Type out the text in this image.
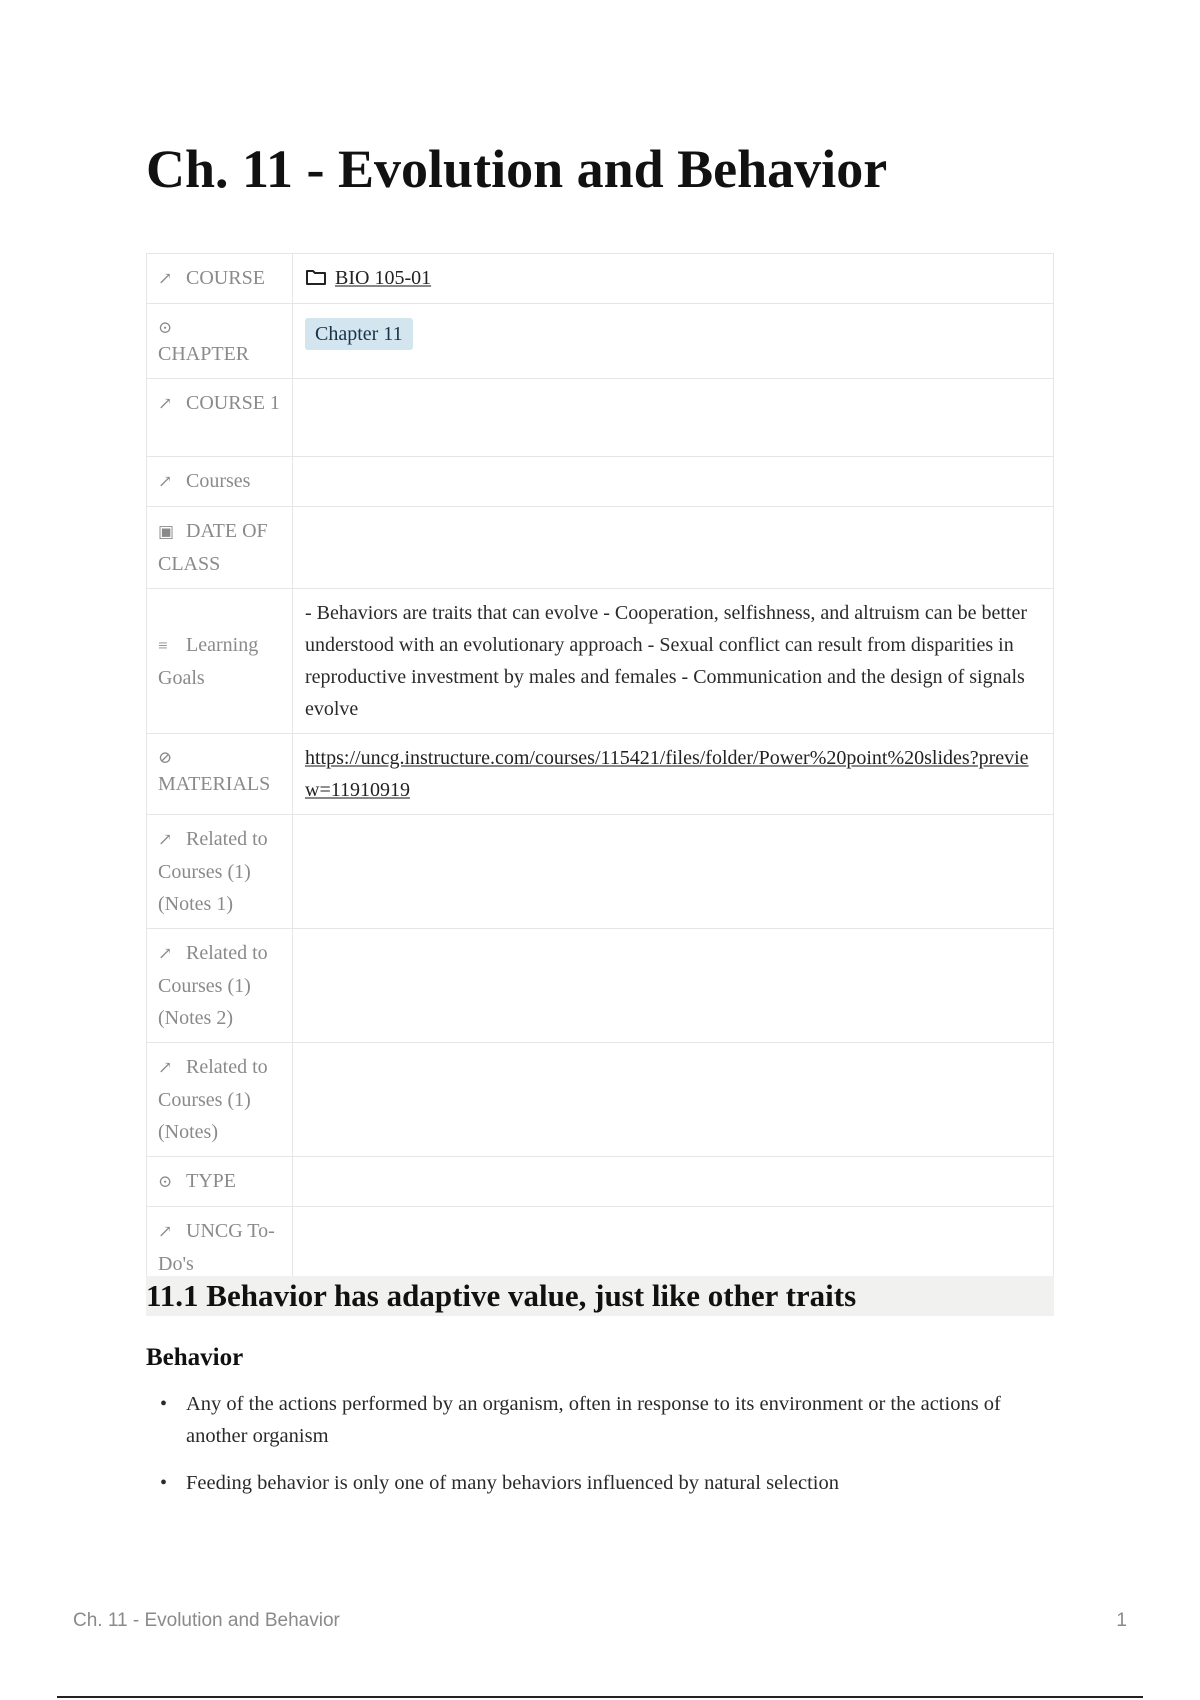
Ch. 11 - Evolution and Behavior
↗ COURSE	BIO 105-01

⊙
CHAPTER	Chapter 11
↗ COURSE 1	
↗ Courses	
▣ DATE OF CLASS	
≡ Learning Goals	- Behaviors are traits that can evolve - Cooperation, selfishness, and altruism can be better understood with an evolutionary approach - Sexual conflict can result from disparities in reproductive investment by males and females - Communication and the design of signals evolve

⊘
MATERIALS	https://uncg.instructure.com/courses/115421/files/folder/Power%20point%20slides?preview=11910919
↗ Related to Courses (1) (Notes 1)	
↗ Related to Courses (1) (Notes 2)	
↗ Related to Courses (1) (Notes)	
⊙ TYPE	
↗ UNCG To-Do's	
11.1 Behavior has adaptive value, just like other traits
Behavior
• Any of the actions performed by an organism, often in response to its environment or the actions of another organism
• Feeding behavior is only one of many behaviors influenced by natural selection
Ch. 11 - Evolution and Behavior	1
